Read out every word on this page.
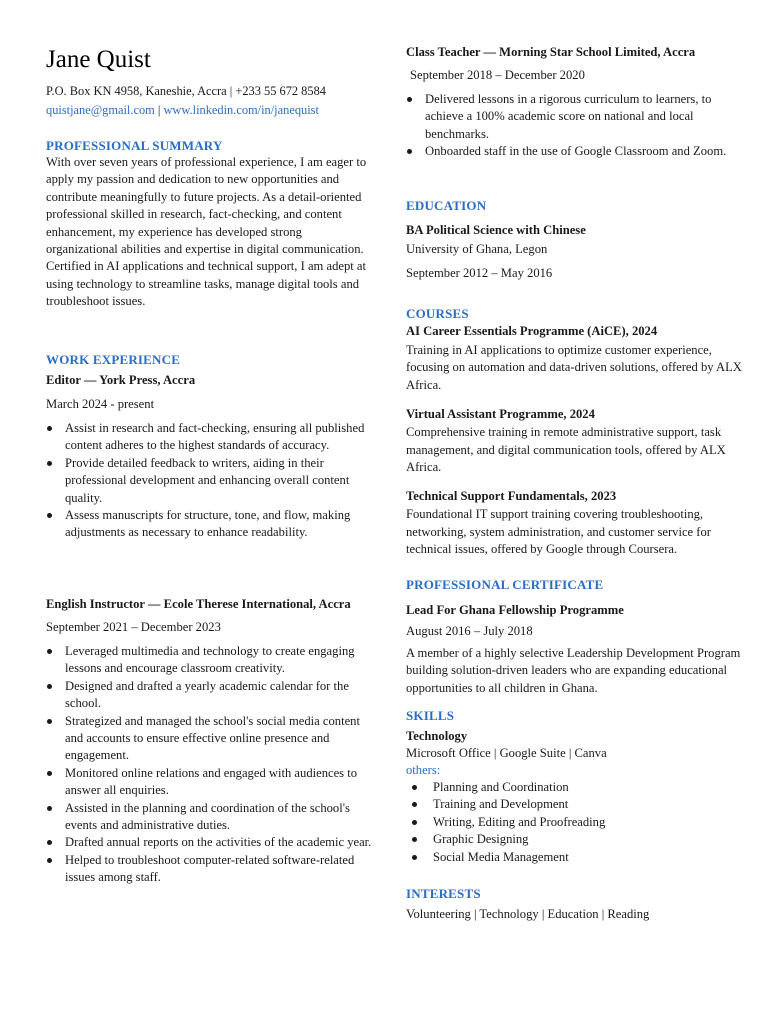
Jane Quist
P.O. Box KN 4958, Kaneshie, Accra | +233 55 672 8584
quistjane@gmail.com | www.linkedin.com/in/janequist
PROFESSIONAL SUMMARY

With over seven years of professional experience, I am eager to apply my passion and dedication to new opportunities and contribute meaningfully to future projects. As a detail-oriented professional skilled in research, fact-checking, and content enhancement, my experience has developed strong organizational abilities and expertise in digital communication. Certified in AI applications and technical support, I am adept at using technology to streamline tasks, manage digital tools and troubleshoot issues.

WORK EXPERIENCE

Editor — York Press, Accra

March 2024 - present

Assist in research and fact-checking, ensuring all published content adheres to the highest standards of accuracy.
Provide detailed feedback to writers, aiding in their professional development and enhancing overall content quality.
Assess manuscripts for structure, tone, and flow, making adjustments as necessary to enhance readability.

English Instructor — Ecole Therese International, Accra

September 2021 – December 2023

Leveraged multimedia and technology to create engaging lessons and encourage classroom creativity.
Designed and drafted a yearly academic calendar for the school.
Strategized and managed the school's social media content and accounts to ensure effective online presence and engagement.
Monitored online relations and engaged with audiences to answer all enquiries.
Assisted in the planning and coordination of the school's events and administrative duties.
Drafted annual reports on the activities of the academic year.
Helped to troubleshoot computer-related software-related issues among staff.

Class Teacher — Morning Star School Limited, Accra

September 2018 – December 2020

Delivered lessons in a rigorous curriculum to learners, to achieve a 100% academic score on national and local benchmarks.
Onboarded staff in the use of Google Classroom and Zoom.
EDUCATION

BA Political Science with Chinese

University of Ghana, Legon

September 2012 – May 2016

COURSES

AI Career Essentials Programme (AiCE), 2024

Training in AI applications to optimize customer experience, focusing on automation and data-driven solutions, offered by ALX Africa.

Virtual Assistant Programme, 2024

Comprehensive training in remote administrative support, task management, and digital communication tools, offered by ALX Africa.

Technical Support Fundamentals, 2023

Foundational IT support training covering troubleshooting, networking, system administration, and customer service for technical issues, offered by Google through Coursera.

PROFESSIONAL CERTIFICATE

Lead For Ghana Fellowship Programme

August 2016 – July 2018

A member of a highly selective Leadership Development Program building solution-driven leaders who are expanding educational opportunities to all children in Ghana.

SKILLS

Technology

Microsoft Office | Google Suite | Canva

others:

Planning and Coordination
Training and Development
Writing, Editing and Proofreading
Graphic Designing
Social Media Management
INTERESTS

Volunteering | Technology | Education | Reading
